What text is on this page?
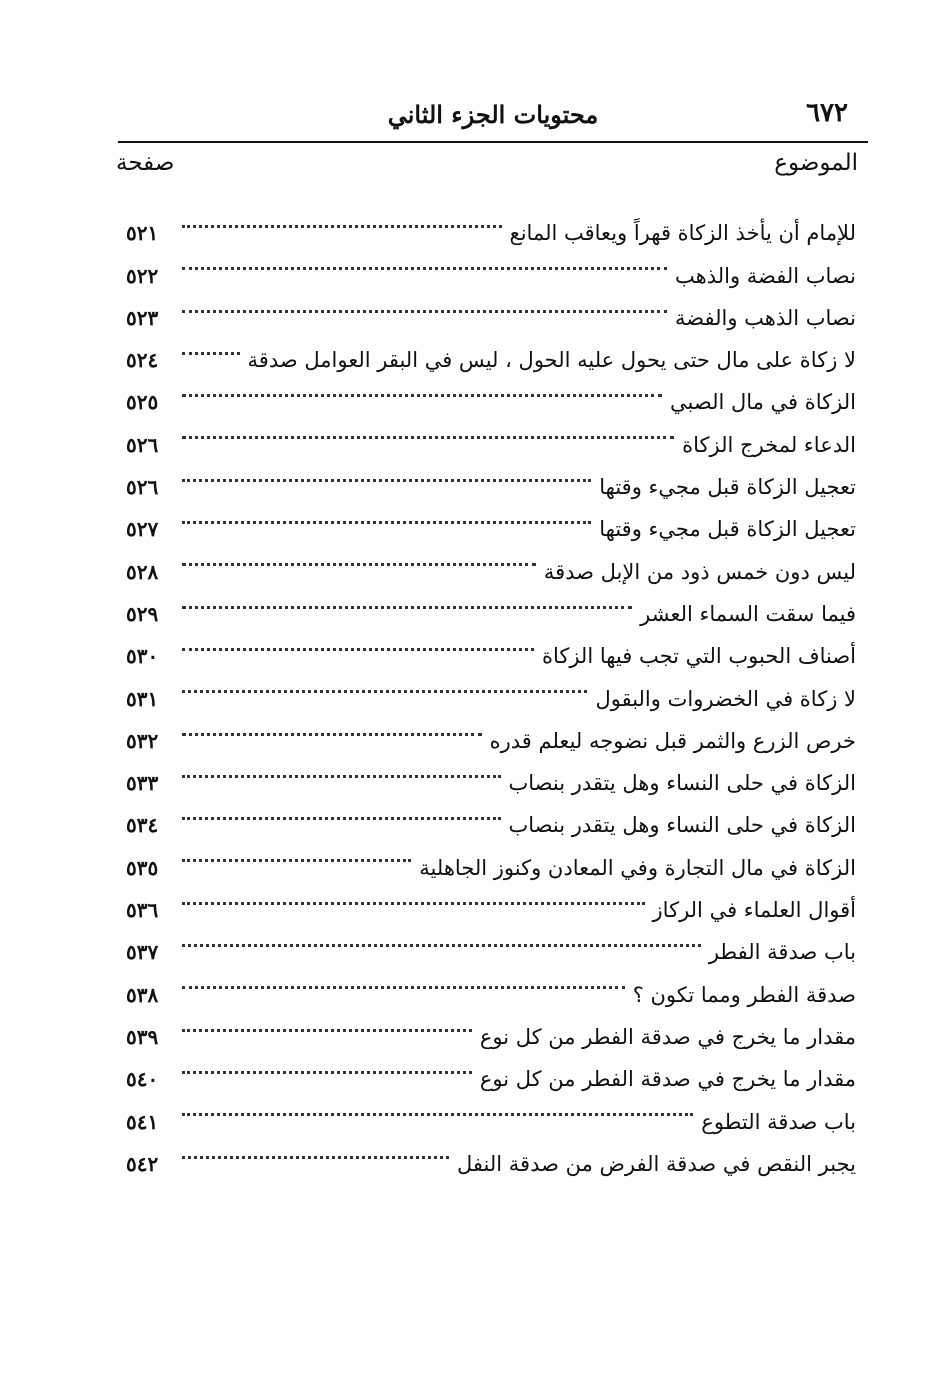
٦٧٢
محتويات الجزء الثاني
الموضوع
صفحة
للإمام أن يأخذ الزكاة قهراً ويعاقب المانع
٥٢١
نصاب الفضة والذهب
٥٢٢
نصاب الذهب والفضة
٥٢٣
لا زكاة على مال حتى يحول عليه الحول ، ليس في البقر العوامل صدقة
٥٢٤
الزكاة في مال الصبي
٥٢٥
الدعاء لمخرج الزكاة
٥٢٦
تعجيل الزكاة قبل مجيء وقتها
٥٢٦
تعجيل الزكاة قبل مجيء وقتها
٥٢٧
ليس دون خمس ذود من الإبل صدقة
٥٢٨
فيما سقت السماء العشر
٥٢٩
أصناف الحبوب التي تجب فيها الزكاة
٥٣٠
لا زكاة في الخضروات والبقول
٥٣١
خرص الزرع والثمر قبل نضوجه ليعلم قدره
٥٣٢
الزكاة في حلى النساء وهل يتقدر بنصاب
٥٣٣
الزكاة في حلى النساء وهل يتقدر بنصاب
٥٣٤
الزكاة في مال التجارة وفي المعادن وكنوز الجاهلية
٥٣٥
أقوال العلماء في الركاز
٥٣٦
باب صدقة الفطر
٥٣٧
صدقة الفطر ومما تكون ؟
٥٣٨
مقدار ما يخرج في صدقة الفطر من كل نوع
٥٣٩
مقدار ما يخرج في صدقة الفطر من كل نوع
٥٤٠
باب صدقة التطوع
٥٤١
يجبر النقص في صدقة الفرض من صدقة النفل
٥٤٢
